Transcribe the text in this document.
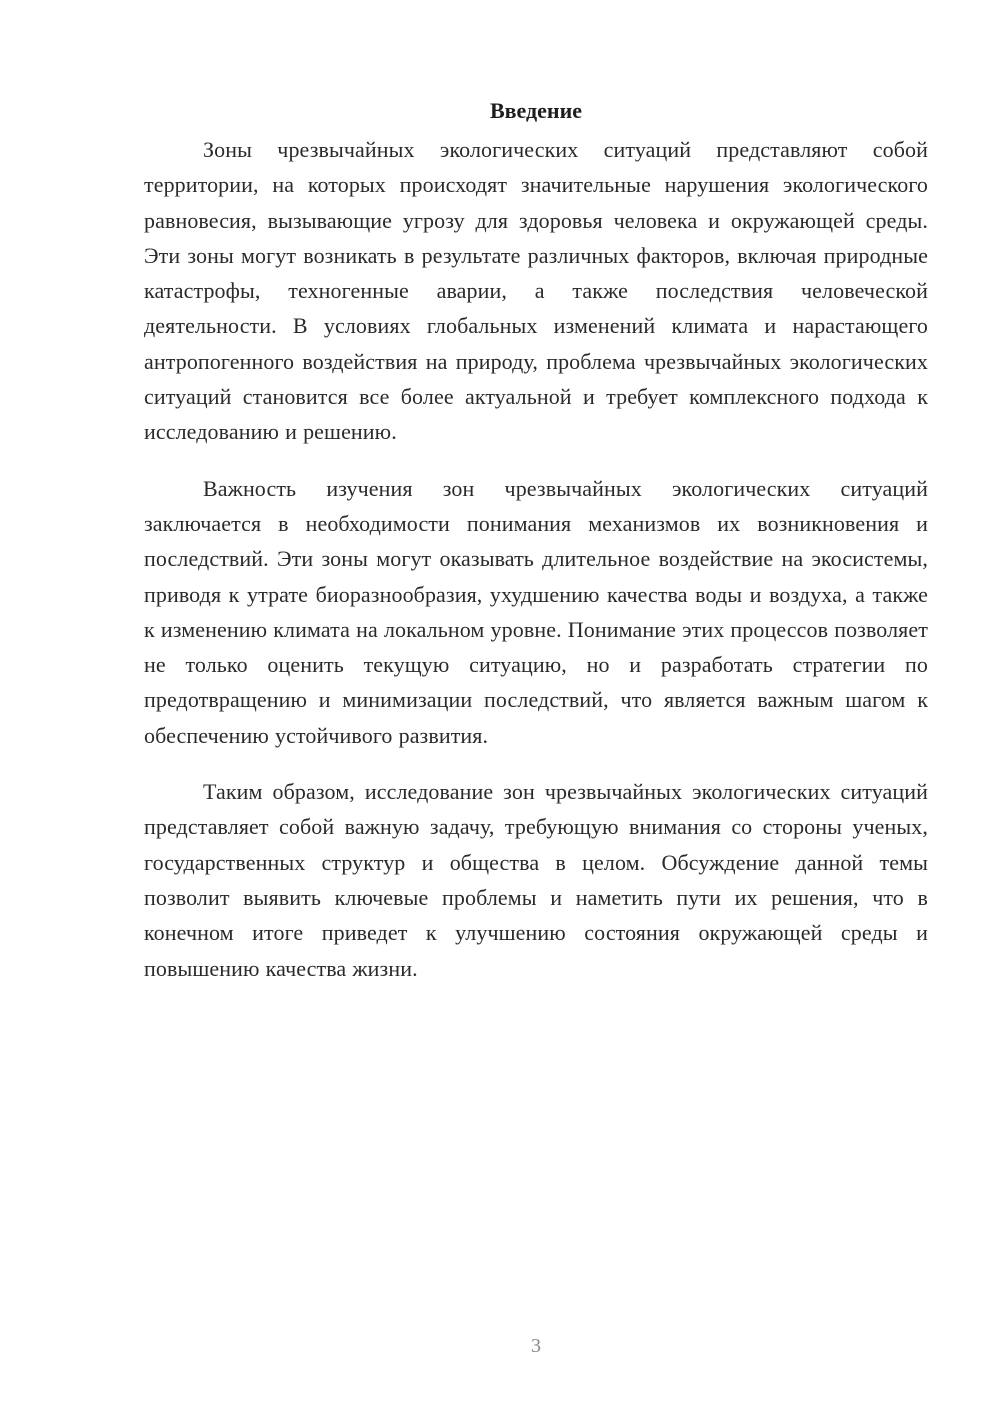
Введение

Зоны чрезвычайных экологических ситуаций представляют собой территории, на которых происходят значительные нарушения экологического равновесия, вызывающие угрозу для здоровья человека и окружающей среды. Эти зоны могут возникать в результате различных факторов, включая природные катастрофы, техногенные аварии, а также последствия человеческой деятельности. В условиях глобальных изменений климата и нарастающего антропогенного воздействия на природу, проблема чрезвычайных экологических ситуаций становится все более актуальной и требует комплексного подхода к исследованию и решению.

Важность изучения зон чрезвычайных экологических ситуаций заключается в необходимости понимания механизмов их возникновения и последствий. Эти зоны могут оказывать длительное воздействие на экосистемы, приводя к утрате биоразнообразия, ухудшению качества воды и воздуха, а также к изменению климата на локальном уровне. Понимание этих процессов позволяет не только оценить текущую ситуацию, но и разработать стратегии по предотвращению и минимизации последствий, что является важным шагом к обеспечению устойчивого развития.

Таким образом, исследование зон чрезвычайных экологических ситуаций представляет собой важную задачу, требующую внимания со стороны ученых, государственных структур и общества в целом. Обсуждение данной темы позволит выявить ключевые проблемы и наметить пути их решения, что в конечном итоге приведет к улучшению состояния окружающей среды и повышению качества жизни.

3
